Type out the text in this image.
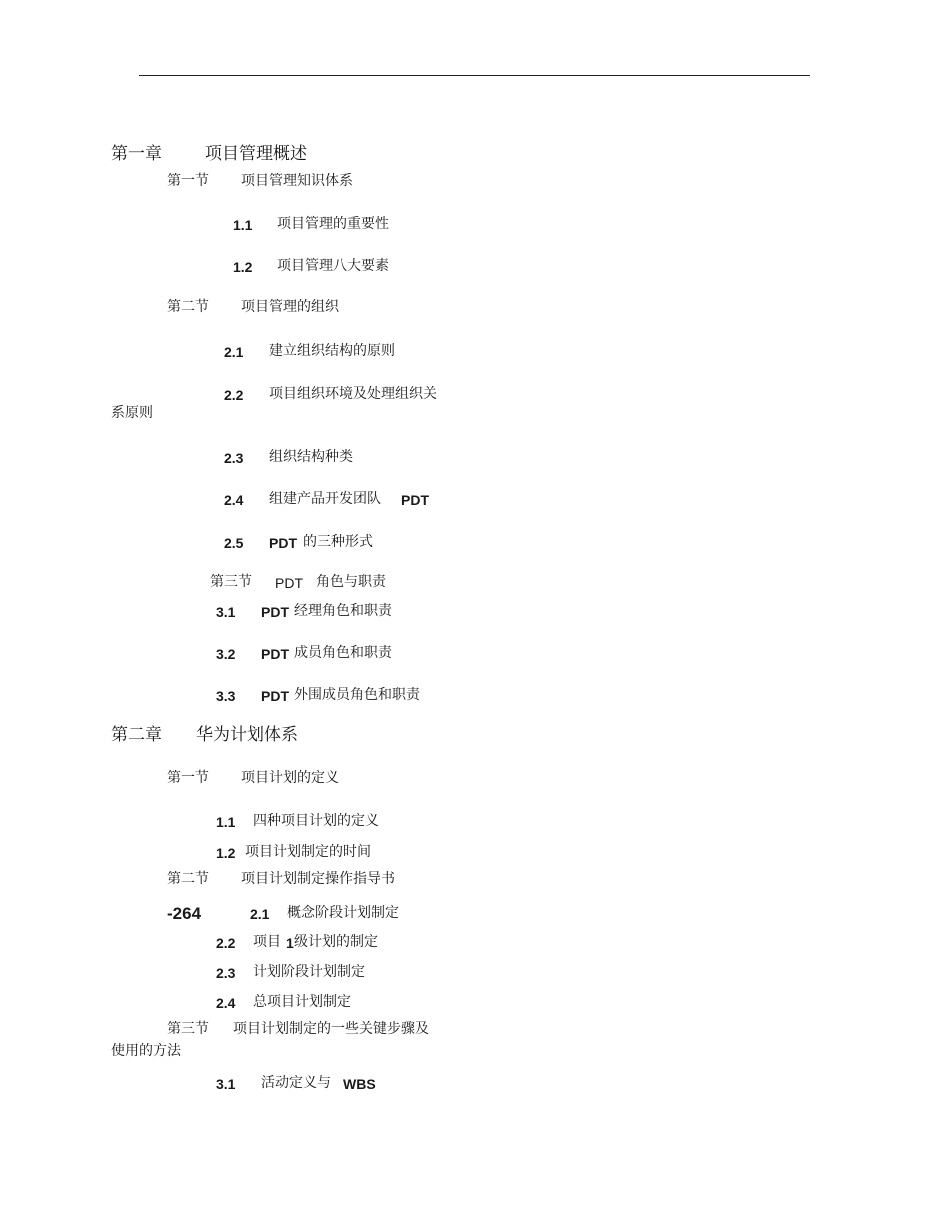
第一章	项目管理概述
第一节 项目管理知识体系
1.1 项目管理的重要性
1.2 项目管理八大要素
第二节 项目管理的组织
2.1 建立组织结构的原则
2.2 项目组织环境及处理组织关
系原则
2.3 组织结构种类
2.4 组建产品开发团队 PDT
2.5 PDT 的三种形式
第三节 PDT 角色与职责
3.1 PDT 经理角色和职责
3.2 PDT 成员角色和职责
3.3 PDT 外围成员角色和职责
第二章 华为计划体系
第一节 项目计划的定义
1.1 四种项目计划的定义
1.2 项目计划制定的时间
第二节 项目计划制定操作指导书
-264	2.1 概念阶段计划制定
2.2 项目 1 级计划的制定
2.3 计划阶段计划制定
2.4 总项目计划制定
第三节 项目计划制定的一些关键步骤及
使用的方法
3.1 活动定义与 WBS
